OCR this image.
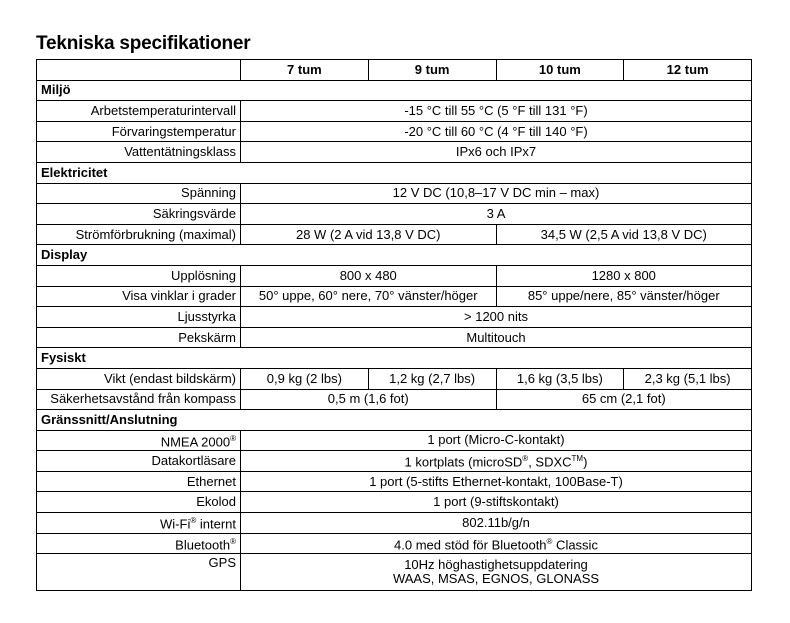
Tekniska specifikationer
	7 tum	9 tum	10 tum	12 tum
Miljö				
Arbetstemperaturintervall	-15 °C till 55 °C (5 °F till 131 °F)			
Förvaringstemperatur	-20 °C till 60 °C (4 °F till 140 °F)			
Vattentätningsklass	IPx6 och IPx7			
Elektricitet				
Spänning	12 V DC (10,8–17 V DC min – max)			
Säkringsvärde	3 A			
Strömförbrukning (maximal)	28 W (2 A vid 13,8 V DC)		34,5 W (2,5 A vid 13,8 V DC)	
Display				
Upplösning	800 x 480		1280 x 800	
Visa vinklar i grader	50° uppe, 60° nere, 70° vänster/höger		85° uppe/nere, 85° vänster/höger	
Ljusstyrka	> 1200 nits			
Pekskärm	Multitouch			
Fysiskt				
Vikt (endast bildskärm)	0,9 kg (2 lbs)	1,2 kg (2,7 lbs)	1,6 kg (3,5 lbs)	2,3 kg (5,1 lbs)
Säkerhetsavstånd från kompass	0,5 m (1,6 fot)		65 cm (2,1 fot)	
Gränssnitt/Anslutning				
NMEA 2000®	1 port (Micro-C-kontakt)			
Datakortläsare	1 kortplats (microSD®, SDXC™)			
Ethernet	1 port (5-stifts Ethernet-kontakt, 100Base-T)			
Ekolod	1 port (9-stiftskontakt)			
Wi-Fi® internt	802.11b/g/n			
Bluetooth®	4.0 med stöd för Bluetooth® Classic			
GPS	10Hz höghastighetsuppdatering
WAAS, MSAS, EGNOS, GLONASS			
